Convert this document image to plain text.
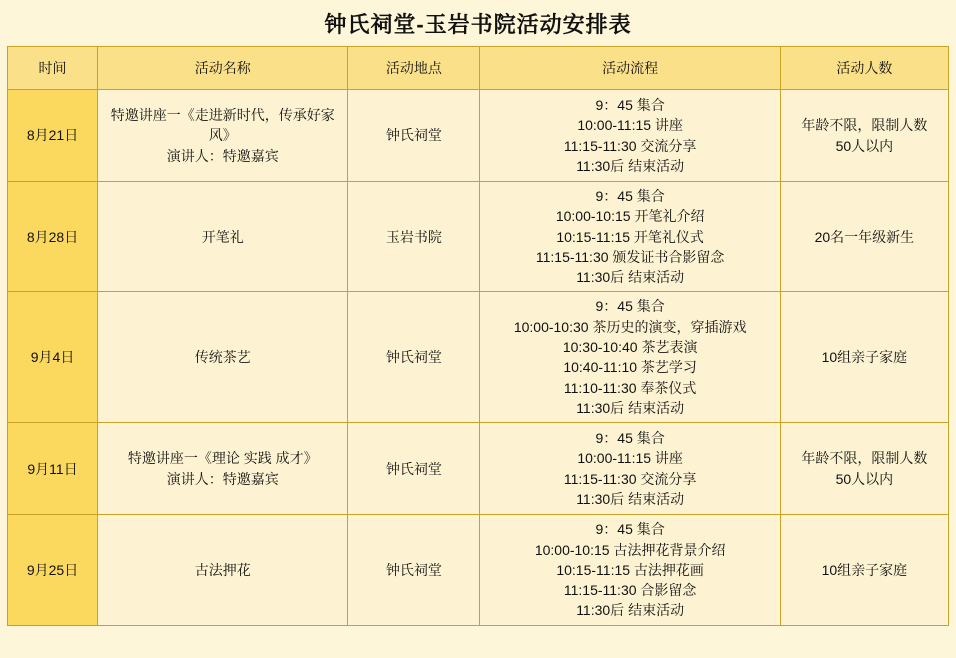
钟氏祠堂-玉岩书院活动安排表
时间	活动名称	活动地点	活动流程	活动人数
8月21日	特邀讲座一《走进新时代，传承好家风》
演讲人：特邀嘉宾	钟氏祠堂	9：45 集合
10:00-11:15 讲座
11:15-11:30 交流分享
11:30后 结束活动	年龄不限，限制人数
50人以内
8月28日	开笔礼	玉岩书院	9：45 集合
10:00-10:15 开笔礼介绍
10:15-11:15 开笔礼仪式
11:15-11:30 颁发证书合影留念
11:30后 结束活动	20名一年级新生
9月4日	传统茶艺	钟氏祠堂	9：45 集合
10:00-10:30 茶历史的演变，穿插游戏
10:30-10:40 茶艺表演
10:40-11:10 茶艺学习
11:10-11:30 奉茶仪式
11:30后 结束活动	10组亲子家庭
9月11日	特邀讲座一《理论 实践 成才》
演讲人：特邀嘉宾	钟氏祠堂	9：45 集合
10:00-11:15 讲座
11:15-11:30 交流分享
11:30后 结束活动	年龄不限，限制人数
50人以内
9月25日	古法押花	钟氏祠堂	9：45 集合
10:00-10:15 古法押花背景介绍
10:15-11:15 古法押花画
11:15-11:30 合影留念
11:30后 结束活动	10组亲子家庭
